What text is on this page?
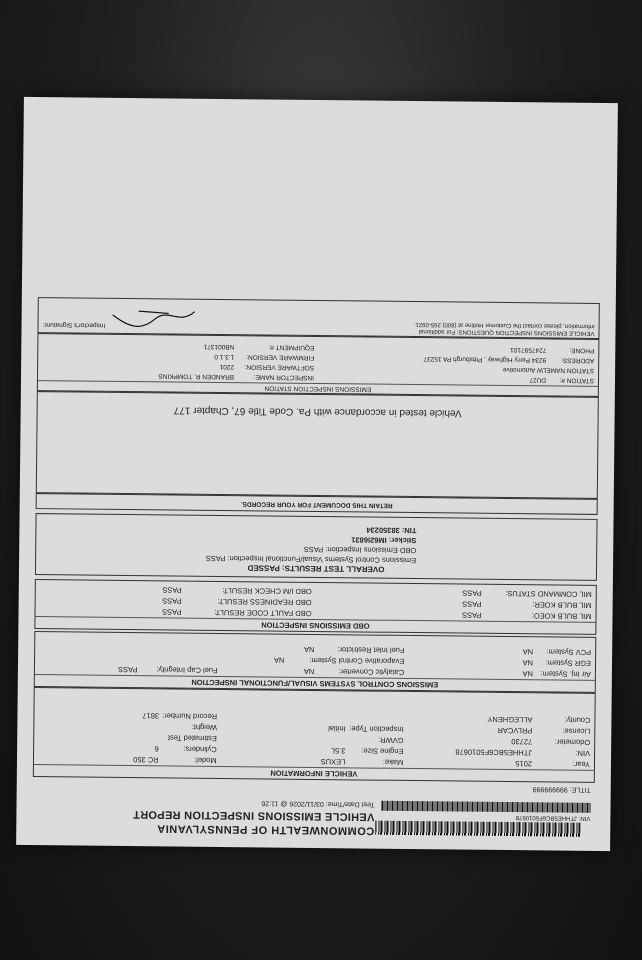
COMMONWEALTH OF PENNSYLVANIA
VEHICLE EMISSIONS INSPECTION REPORT
Test Date/Time: 03/11/2026 @ 11:26
VIN: JTHHE5BC6F5010678
TITLE: 999999999
VEHICLE INFORMATION
Year:2015
Make:LEXUS
Model:RC 350
VIN:JTHHE5BC6F5010678
Engine Size:3.5L
Cylinders:6
Odometer:72730
GVWR:
Estimated Test
License:PRLVCAR
Inspection Type:Initial
Weight:
County:ALLEGHENY
Record Number:3817
EMISSIONS CONTROL SYSTEMS VISUAL/FUNCTIONAL INSPECTION
Air Inj. System:NA
Catalytic Converter:NA
Fuel Cap Integrity:PASS
EGR System:NA
Evaporative Control System:NA
PCV System:NA
Fuel Inlet Restrictor:NA
OBD EMISSIONS INSPECTION
MIL BULB KOEO:PASS
OBD FAULT CODE RESULT:PASS
MIL BULB KOER:PASS
OBD READINESS RESULT:PASS
MIL COMMAND STATUS:PASS
OBD I/M CHECK RESULT:PASS
OVERALL TEST RESULTS: PASSED
Emissions Control Systems Visual/Functional Inspection: PASS
OBD Emissions Inspection: PASS
Sticker: IM62l6831
TIN: 38350234
RETAIN THIS DOCUMENT FOR YOUR RECORDS.
Vehicle tested in accordance with Pa. Code Title 67, Chapter 177
EMISSIONS INSPECTION STATION
STATION #:DU27
INSPECTOR NAME:BRANDEN R. TOMPKINS
STATION NAME:LW Automotive
SOFTWARE VERSION:2201
ADDRESS:9234 Perry Highway , Pittsburgh PA 15237
FIRMWARE VERSION:1.3.1.0
PHONE:7247597101
EQUIPMENT #:NB001371
VEHICLE EMISSIONS INSPECTION QUESTIONS: For additional information, please contact the Customer Hotline at (800) 265-0921.
Inspector's Signature:
